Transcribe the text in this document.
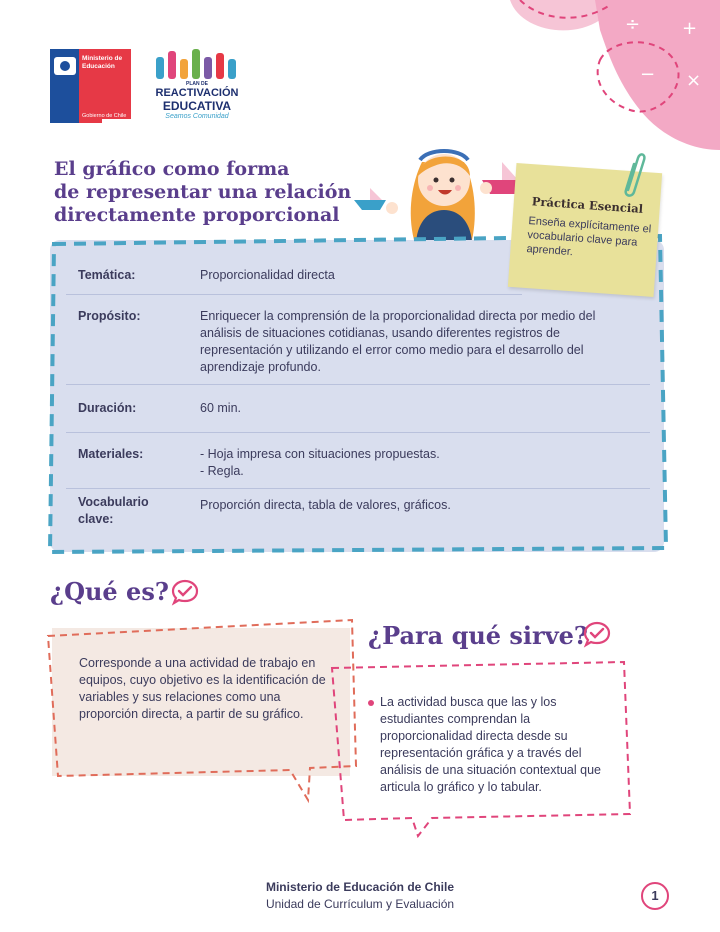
÷ +
− ×
Ministerio de
Educación
Gobierno de Chile
PLAN DE
REACTIVACIÓN
EDUCATIVA
Seamos Comunidad
El gráfico como forma
de representar una relación
directamente proporcional
Temática:	Proporcionalidad directa
Propósito:	Enriquecer la comprensión de la proporcionalidad directa por medio del análisis de situaciones cotidianas, usando diferentes registros de representación y utilizando el error como medio para el desarrollo del aprendizaje profundo.
Duración:	60 min.
Materiales:	- Hoja impresa con situaciones propuestas.
- Regla.
Vocabulario
clave:
Proporción directa, tabla de valores, gráficos.
Práctica Esencial
Enseña explícitamente el vocabulario clave para aprender.
¿Qué es?
Corresponde a una actividad de trabajo en equipos, cuyo objetivo es la identificación de variables y sus relaciones como una proporción directa, a partir de su gráfico.
¿Para qué sirve?
La actividad busca que las y los estudiantes comprendan la proporcionalidad directa desde su representación gráfica y a través del análisis de una situación contextual que articula lo gráfico y lo tabular.
Ministerio de Educación de Chile
Unidad de Currículum y Evaluación
1
